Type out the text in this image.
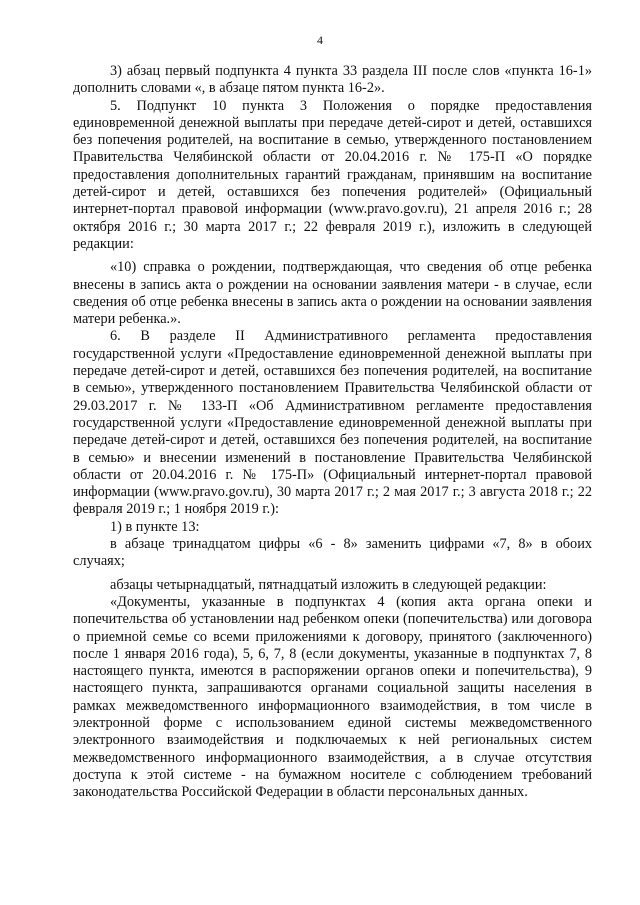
4

3) абзац первый подпункта 4 пункта 33 раздела III после слов «пункта 16-1» дополнить словами «, в абзаце пятом пункта 16-2».

5. Подпункт 10 пункта 3 Положения о порядке предоставления единовременной денежной выплаты при передаче детей-сирот и детей, оставшихся без попечения родителей, на воспитание в семью, утвержденного постановлением Правительства Челябинской области от 20.04.2016 г. № 175-П «О порядке предоставления дополнительных гарантий гражданам, принявшим на воспитание детей-сирот и детей, оставшихся без попечения родителей» (Официальный интернет-портал правовой информации (www.pravo.gov.ru), 21 апреля 2016 г.; 28 октября 2016 г.; 30 марта 2017 г.; 22 февраля 2019 г.), изложить в следующей редакции:

«10) справка о рождении, подтверждающая, что сведения об отце ребенка внесены в запись акта о рождении на основании заявления матери - в случае, если сведения об отце ребенка внесены в запись акта о рождении на основании заявления матери ребенка.».

6. В разделе II Административного регламента предоставления государственной услуги «Предоставление единовременной денежной выплаты при передаче детей-сирот и детей, оставшихся без попечения родителей, на воспитание в семью», утвержденного постановлением Правительства Челябинской области от 29.03.2017 г. № 133-П «Об Административном регламенте предоставления государственной услуги «Предоставление единовременной денежной выплаты при передаче детей-сирот и детей, оставшихся без попечения родителей, на воспитание в семью» и внесении изменений в постановление Правительства Челябинской области от 20.04.2016 г. № 175-П» (Официальный интернет-портал правовой информации (www.pravo.gov.ru), 30 марта 2017 г.; 2 мая 2017 г.; 3 августа 2018 г.; 22 февраля 2019 г.; 1 ноября 2019 г.):

1) в пункте 13:

в абзаце тринадцатом цифры «6 - 8» заменить цифрами «7, 8» в обоих случаях;

абзацы четырнадцатый, пятнадцатый изложить в следующей редакции:

«Документы, указанные в подпунктах 4 (копия акта органа опеки и попечительства об установлении над ребенком опеки (попечительства) или договора о приемной семье со всеми приложениями к договору, принятого (заключенного) после 1 января 2016 года), 5, 6, 7, 8 (если документы, указанные в подпунктах 7, 8 настоящего пункта, имеются в распоряжении органов опеки и попечительства), 9 настоящего пункта, запрашиваются органами социальной защиты населения в рамках межведомственного информационного взаимодействия, в том числе в электронной форме с использованием единой системы межведомственного электронного взаимодействия и подключаемых к ней региональных систем межведомственного информационного взаимодействия, а в случае отсутствия доступа к этой системе - на бумажном носителе с соблюдением требований законодательства Российской Федерации в области персональных данных.
